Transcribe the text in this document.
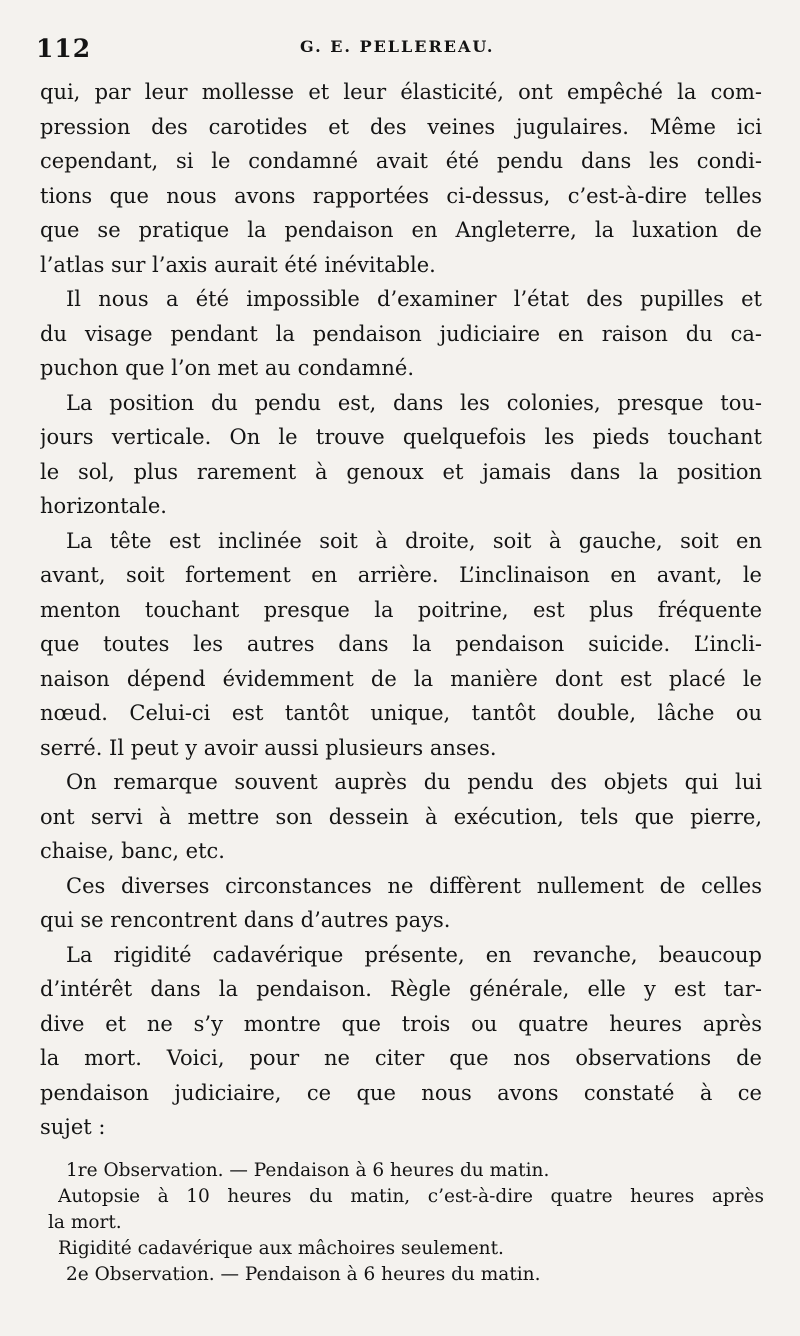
112	G. E. PELLEREAU.
qui, par leur mollesse et leur élasticité, ont empêché la com-
pression des carotides et des veines jugulaires. Même ici
cependant, si le condamné avait été pendu dans les condi-
tions que nous avons rapportées ci-dessus, c’est-à-dire telles
que se pratique la pendaison en Angleterre, la luxation de
l’atlas sur l’axis aurait été inévitable.
Il nous a été impossible d’examiner l’état des pupilles et
du visage pendant la pendaison judiciaire en raison du ca-
puchon que l’on met au condamné.
La position du pendu est, dans les colonies, presque tou-
jours verticale. On le trouve quelquefois les pieds touchant
le sol, plus rarement à genoux et jamais dans la position
horizontale.
La tête est inclinée soit à droite, soit à gauche, soit en
avant, soit fortement en arrière. L’inclinaison en avant, le
menton touchant presque la poitrine, est plus fréquente
que toutes les autres dans la pendaison suicide. L’incli-
naison dépend évidemment de la manière dont est placé le
nœud. Celui-ci est tantôt unique, tantôt double, lâche ou
serré. Il peut y avoir aussi plusieurs anses.
On remarque souvent auprès du pendu des objets qui lui
ont servi à mettre son dessein à exécution, tels que pierre,
chaise, banc, etc.
Ces diverses circonstances ne diffèrent nullement de celles
qui se rencontrent dans d’autres pays.
La rigidité cadavérique présente, en revanche, beaucoup
d’intérêt dans la pendaison. Règle générale, elle y est tar-
dive et ne s’y montre que trois ou quatre heures après
la mort. Voici, pour ne citer que nos observations de
pendaison judiciaire, ce que nous avons constaté à ce
sujet :
1re Observation. — Pendaison à 6 heures du matin.
Autopsie à 10 heures du matin, c’est-à-dire quatre heures après
la mort.
Rigidité cadavérique aux mâchoires seulement.
2e Observation. — Pendaison à 6 heures du matin.
